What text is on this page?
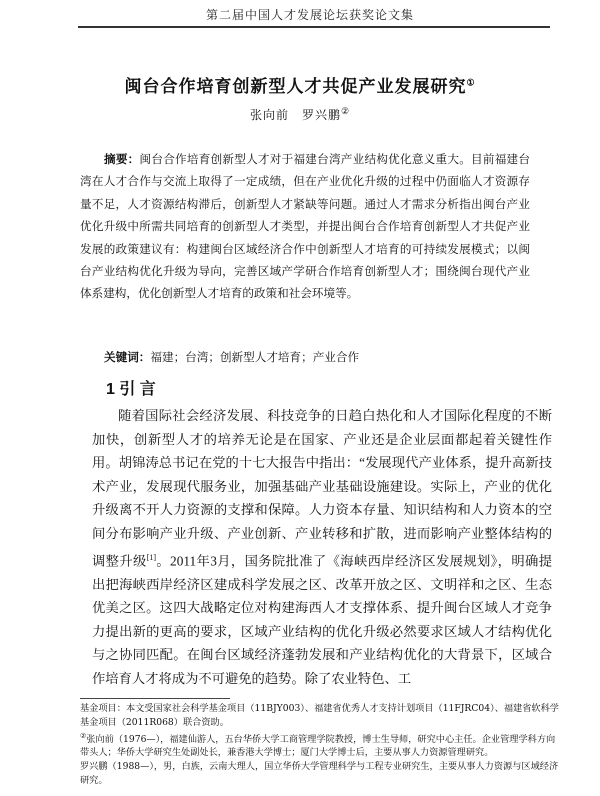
第二届中国人才发展论坛获奖论文集
闽台合作培育创新型人才共促产业发展研究①
张向前　罗兴鹏②
摘要：闽台合作培育创新型人才对于福建台湾产业结构优化意义重大。目前福建台湾在人才合作与交流上取得了一定成绩，但在产业优化升级的过程中仍面临人才资源存量不足，人才资源结构滞后，创新型人才紧缺等问题。通过人才需求分析指出闽台产业优化升级中所需共同培育的创新型人才类型，并提出闽台合作培育创新型人才共促产业发展的政策建议有：构建闽台区域经济合作中创新型人才培育的可持续发展模式；以闽台产业结构优化升级为导向，完善区域产学研合作培育创新型人才；围绕闽台现代产业体系建构，优化创新型人才培育的政策和社会环境等。
关键词：福建；台湾；创新型人才培育；产业合作
1 引 言
随着国际社会经济发展、科技竞争的日趋白热化和人才国际化程度的不断加快，创新型人才的培养无论是在国家、产业还是企业层面都起着关键性作用。胡锦涛总书记在党的十七大报告中指出：“发展现代产业体系，提升高新技术产业，发展现代服务业，加强基础产业基础设施建设。实际上，产业的优化升级离不开人力资源的支撑和保障。人力资本存量、知识结构和人力资本的空间分布影响产业升级、产业创新、产业转移和扩散，进而影响产业整体结构的调整升级[1]。2011年3月，国务院批准了《海峡西岸经济区发展规划》，明确提出把海峡西岸经济区建成科学发展之区、改革开放之区、文明祥和之区、生态优美之区。这四大战略定位对构建海西人才支撑体系、提升闽台区域人才竞争力提出新的更高的要求，区域产业结构的优化升级必然要求区域人才结构优化与之协同匹配。在闽台区域经济蓬勃发展和产业结构优化的大背景下，区域合作培育人才将成为不可避免的趋势。除了农业特色、工

基金项目：本文受国家社会科学基金项目（11BJY003）、福建省优秀人才支持计划项目（11FJRC04）、福建省软科学基金项目（2011R068）联合资助。

②张向前（1976—），福建仙游人，五台华侨大学工商管理学院教授，博士生导师，研究中心主任。企业管理学科方向带头人；华侨大学研究生处副处长，兼香港大学博士；厦门大学博士后，主要从事人力资源管理研究。

罗兴鹏（1988—），男，白族，云南大理人，国立华侨大学管理科学与工程专业研究生，主要从事人力资源与区域经济研究。
